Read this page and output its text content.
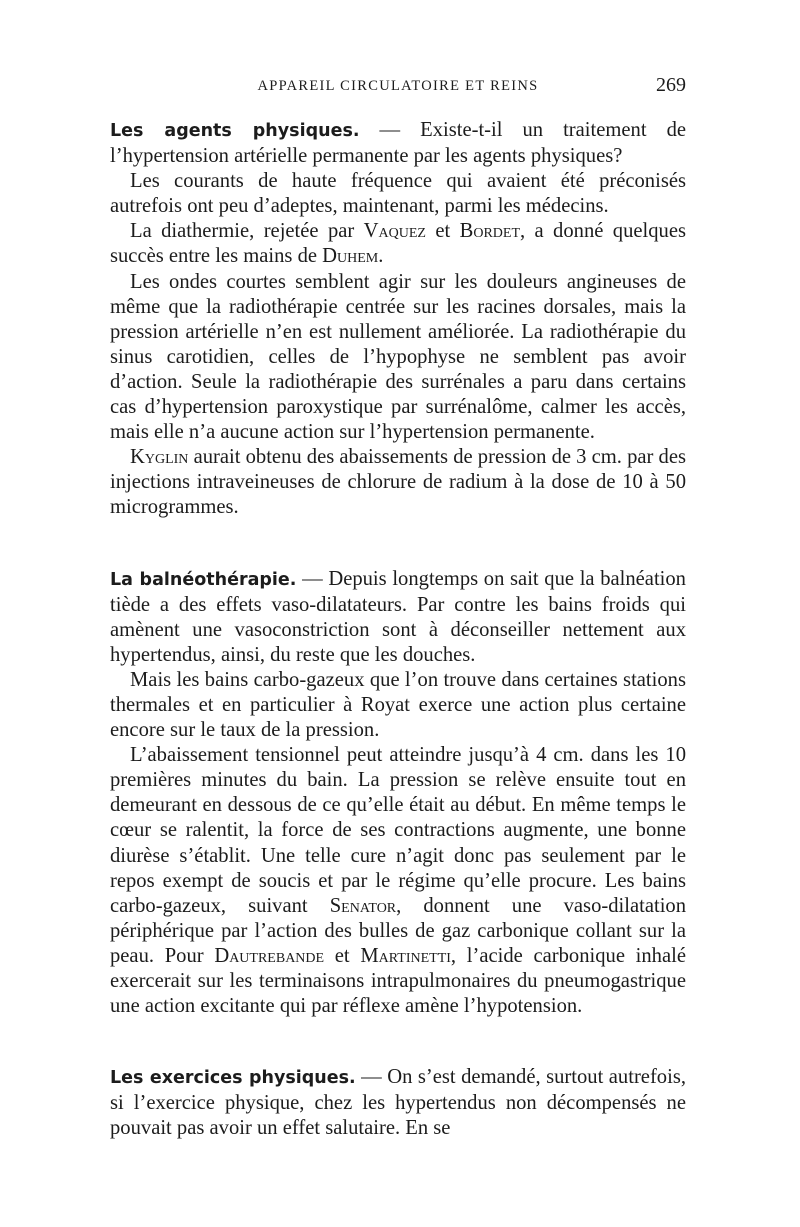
APPAREIL CIRCULATOIRE ET REINS	269

Les agents physiques. — Existe-t-il un traitement de l’hypertension artérielle permanente par les agents physiques?

Les courants de haute fréquence qui avaient été préconisés autrefois ont peu d’adeptes, maintenant, parmi les médecins.

La diathermie, rejetée par Vaquez et Bordet, a donné quelques succès entre les mains de Duhem.

Les ondes courtes semblent agir sur les douleurs angineuses de même que la radiothérapie centrée sur les racines dorsales, mais la pression artérielle n’en est nullement améliorée. La radiothérapie du sinus carotidien, celles de l’hypophyse ne semblent pas avoir d’action. Seule la radiothérapie des surrénales a paru dans certains cas d’hypertension paroxystique par surrénalôme, calmer les accès, mais elle n’a aucune action sur l’hypertension permanente.

Kyglin aurait obtenu des abaissements de pression de 3 cm. par des injections intraveineuses de chlorure de radium à la dose de 10 à 50 microgrammes.

La balnéothérapie. — Depuis longtemps on sait que la balnéation tiède a des effets vaso-dilatateurs. Par contre les bains froids qui amènent une vasoconstriction sont à déconseiller nettement aux hypertendus, ainsi, du reste que les douches.

Mais les bains carbo-gazeux que l’on trouve dans certaines stations thermales et en particulier à Royat exerce une action plus certaine encore sur le taux de la pression.

L’abaissement tensionnel peut atteindre jusqu’à 4 cm. dans les 10 premières minutes du bain. La pression se relève ensuite tout en demeurant en dessous de ce qu’elle était au début. En même temps le cœur se ralentit, la force de ses contractions augmente, une bonne diurèse s’établit. Une telle cure n’agit donc pas seulement par le repos exempt de soucis et par le régime qu’elle procure. Les bains carbo-gazeux, suivant Senator, donnent une vaso-dilatation périphérique par l’action des bulles de gaz carbonique collant sur la peau. Pour Dautrebande et Martinetti, l’acide carbonique inhalé exercerait sur les terminaisons intrapulmonaires du pneumogastrique une action excitante qui par réflexe amène l’hypotension.

Les exercices physiques. — On s’est demandé, surtout autrefois, si l’exercice physique, chez les hypertendus non décompensés ne pouvait pas avoir un effet salutaire. En se
